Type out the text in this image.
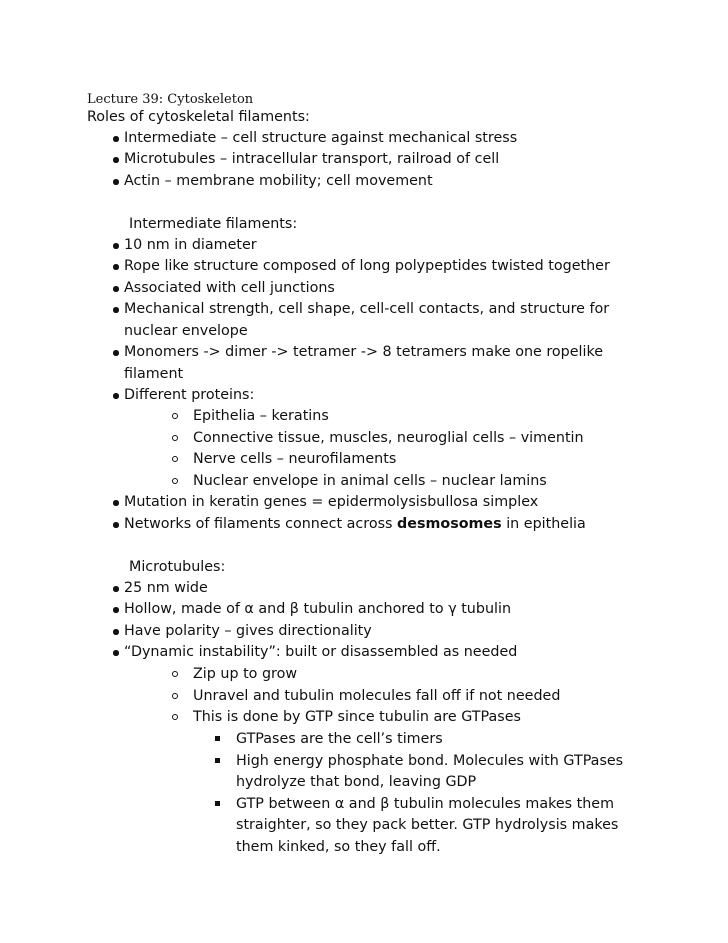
Lecture 39: Cytoskeleton
Roles of cytoskeletal filaments:
Intermediate – cell structure against mechanical stress
Microtubules – intracellular transport, railroad of cell
Actin – membrane mobility; cell movement
Intermediate filaments:
10 nm in diameter
Rope like structure composed of long polypeptides twisted together
Associated with cell junctions
Mechanical strength, cell shape, cell-cell contacts, and structure for
nuclear envelope
Monomers -> dimer -> tetramer -> 8 tetramers make one ropelike
filament
Different proteins:
Epithelia – keratins
Connective tissue, muscles, neuroglial cells – vimentin
Nerve cells – neurofilaments
Nuclear envelope in animal cells – nuclear lamins
Mutation in keratin genes = epidermolysisbullosa simplex
Networks of filaments connect across desmosomes in epithelia
Microtubules:
25 nm wide
Hollow, made of α and β tubulin anchored to γ tubulin
Have polarity – gives directionality
“Dynamic instability”: built or disassembled as needed
Zip up to grow
Unravel and tubulin molecules fall off if not needed
This is done by GTP since tubulin are GTPases
GTPases are the cell’s timers
High energy phosphate bond. Molecules with GTPases
hydrolyze that bond, leaving GDP
GTP between α and β tubulin molecules makes them
straighter, so they pack better. GTP hydrolysis makes
them kinked, so they fall off.
